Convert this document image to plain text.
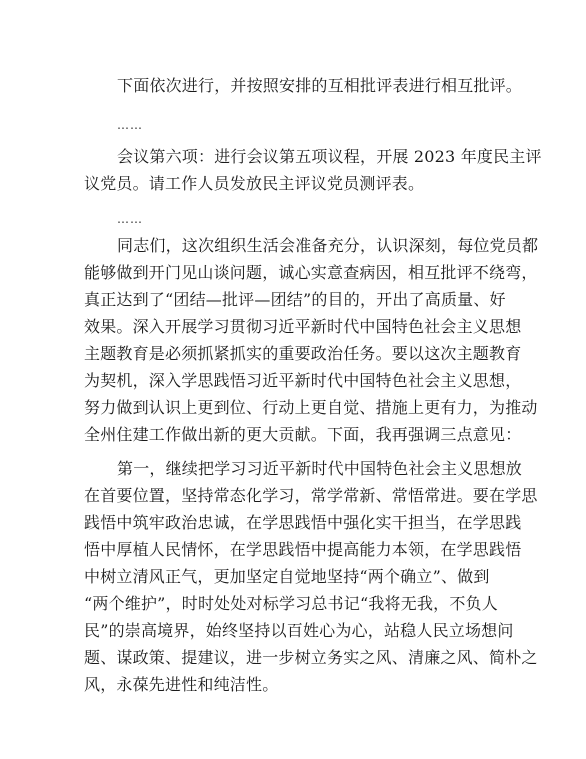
下面依次进行，并按照安排的互相批评表进行相互批评。
……
会议第六项：进行会议第五项议程，开展 2023 年度民主评
议党员。请工作人员发放民主评议党员测评表。
……
同志们，这次组织生活会准备充分，认识深刻，每位党员都
能够做到开门见山谈问题，诚心实意查病因，相互批评不绕弯，
真正达到了“团结—批评—团结”的目的，开出了高质量、好
效果。深入开展学习贯彻习近平新时代中国特色社会主义思想
主题教育是必须抓紧抓实的重要政治任务。要以这次主题教育
为契机，深入学思践悟习近平新时代中国特色社会主义思想，
努力做到认识上更到位、行动上更自觉、措施上更有力，为推动
全州住建工作做出新的更大贡献。下面，我再强调三点意见：
第一，继续把学习习近平新时代中国特色社会主义思想放
在首要位置，坚持常态化学习，常学常新、常悟常进。要在学思
践悟中筑牢政治忠诚，在学思践悟中强化实干担当，在学思践
悟中厚植人民情怀，在学思践悟中提高能力本领，在学思践悟
中树立清风正气，更加坚定自觉地坚持“两个确立”、做到
“两个维护”，时时处处对标学习总书记“我将无我，不负人
民”的崇高境界，始终坚持以百姓心为心，站稳人民立场想问
题、谋政策、提建议，进一步树立务实之风、清廉之风、简朴之
风，永葆先进性和纯洁性。
